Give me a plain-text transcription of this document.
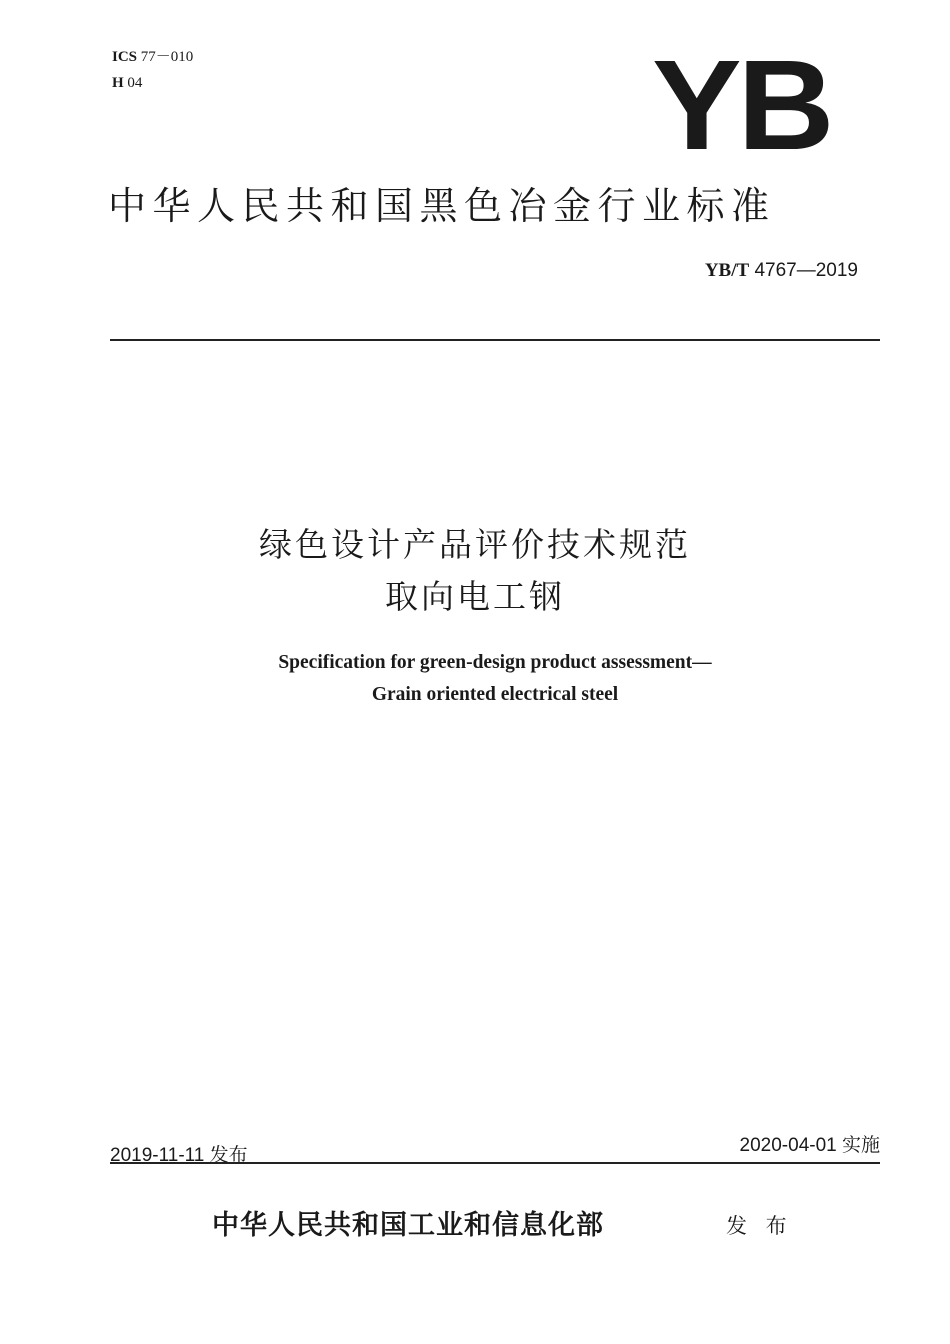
ICS 77－010
H 04	YB
中华人民共和国黑色冶金行业标准
YB/T 4767—2019
绿色设计产品评价技术规范
取向电工钢
Specification for green-design product assessment—
Grain oriented electrical steel
2019-11-11 发布	2020-04-01 实施
中华人民共和国工业和信息化部	发 布
